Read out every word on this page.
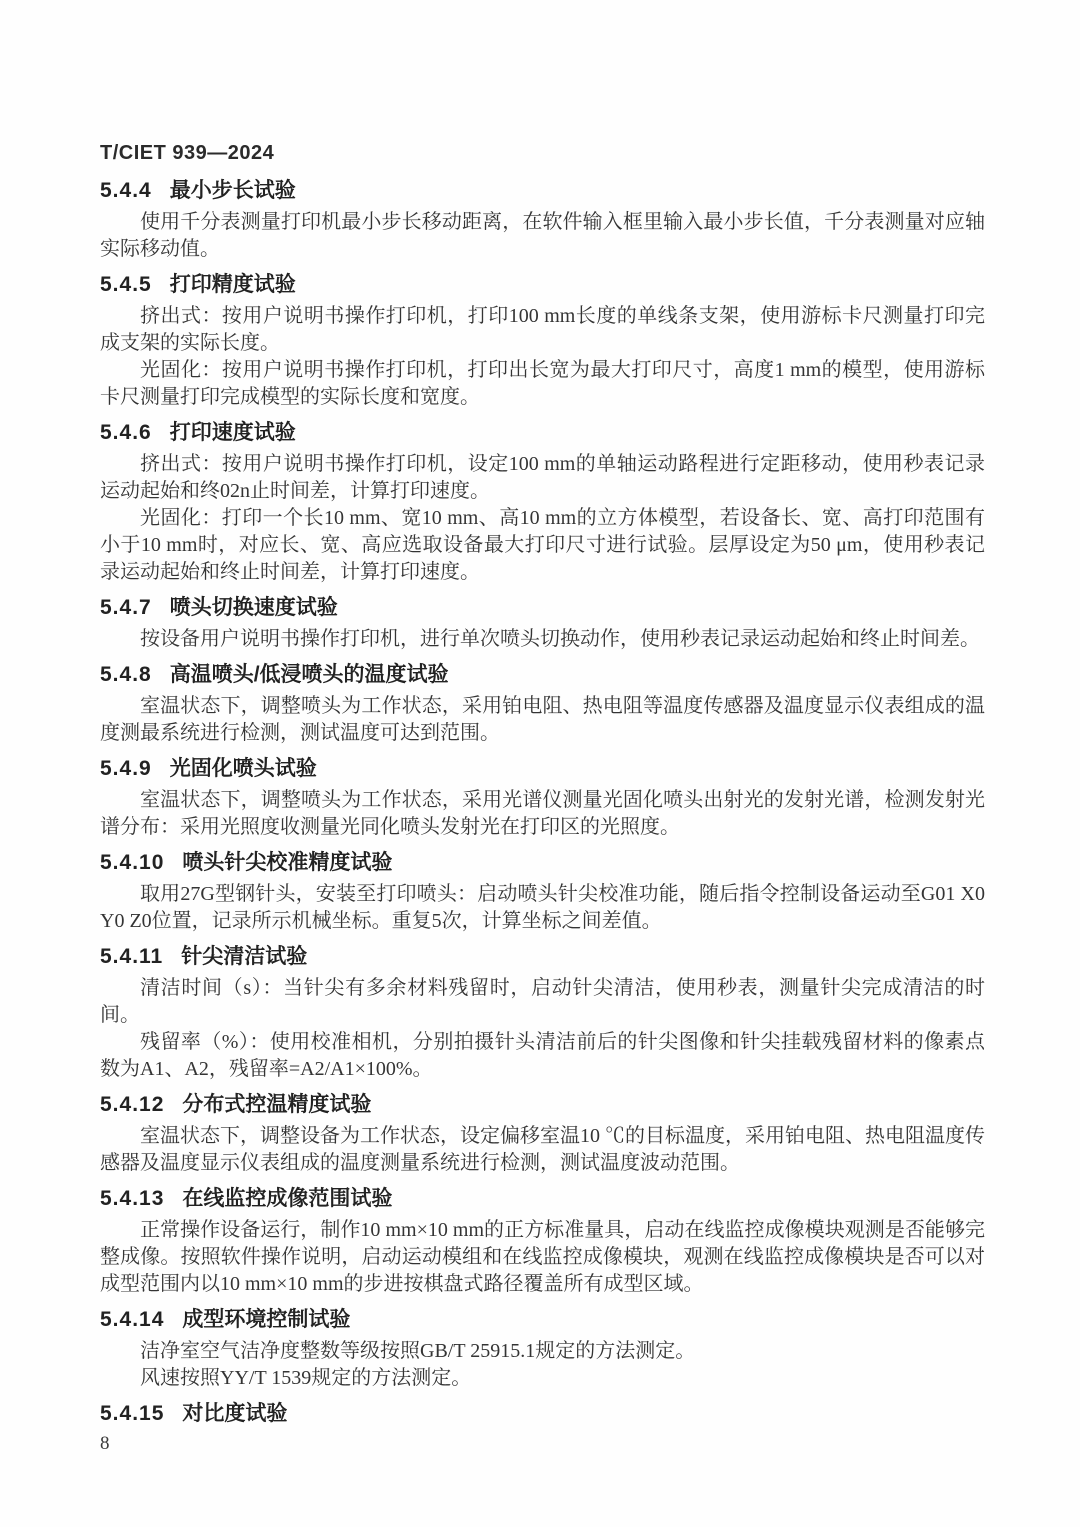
T/CIET 939—2024
5.4.4 最小步长试验

使用千分表测量打印机最小步长移动距离，在软件输入框里输入最小步长值，千分表测量对应轴实际移动值。

5.4.5 打印精度试验

挤出式：按用户说明书操作打印机，打印100 mm长度的单线条支架，使用游标卡尺测量打印完成支架的实际长度。

光固化：按用户说明书操作打印机，打印出长宽为最大打印尺寸，高度1 mm的模型，使用游标卡尺测量打印完成模型的实际长度和宽度。

5.4.6 打印速度试验

挤出式：按用户说明书操作打印机，设定100 mm的单轴运动路程进行定距移动，使用秒表记录运动起始和终02n止时间差，计算打印速度。

光固化：打印一个长10 mm、宽10 mm、高10 mm的立方体模型，若设备长、宽、高打印范围有小于10 mm时，对应长、宽、高应选取设备最大打印尺寸进行试验。层厚设定为50 μm，使用秒表记录运动起始和终止时间差，计算打印速度。

5.4.7 喷头切换速度试验

按设备用户说明书操作打印机，进行单次喷头切换动作，使用秒表记录运动起始和终止时间差。

5.4.8 高温喷头/低浸喷头的温度试验

室温状态下，调整喷头为工作状态，采用铂电阻、热电阻等温度传感器及温度显示仪表组成的温度测最系统进行检测，测试温度可达到范围。

5.4.9 光固化喷头试验

室温状态下，调整喷头为工作状态，采用光谱仪测量光固化喷头出射光的发射光谱，检测发射光谱分布：采用光照度收测量光同化喷头发射光在打印区的光照度。

5.4.10 喷头针尖校准精度试验

取用27G型钢针头，安装至打印喷头：启动喷头针尖校准功能，随后指令控制设备运动至G01 X0 Y0 Z0位置，记录所示机械坐标。重复5次，计算坐标之间差值。

5.4.11 针尖清洁试验

清洁时间（s）：当针尖有多余材料残留时，启动针尖清洁，使用秒表，测量针尖完成清洁的时间。

残留率（%）：使用校准相机，分别拍摄针头清洁前后的针尖图像和针尖挂载残留材料的像素点数为A1、A2，残留率=A2/A1×100%。

5.4.12 分布式控温精度试验

室温状态下，调整设备为工作状态，设定偏移室温10 ℃的目标温度，采用铂电阻、热电阻温度传感器及温度显示仪表组成的温度测量系统进行检测，测试温度波动范围。

5.4.13 在线监控成像范围试验

正常操作设备运行，制作10 mm×10 mm的正方标准量具，启动在线监控成像模块观测是否能够完整成像。按照软件操作说明，启动运动模组和在线监控成像模块，观测在线监控成像模块是否可以对成型范围内以10 mm×10 mm的步进按棋盘式路径覆盖所有成型区域。

5.4.14 成型环境控制试验

洁净室空气洁净度整数等级按照GB/T 25915.1规定的方法测定。

风速按照YY/T 1539规定的方法测定。

5.4.15 对比度试验
8
